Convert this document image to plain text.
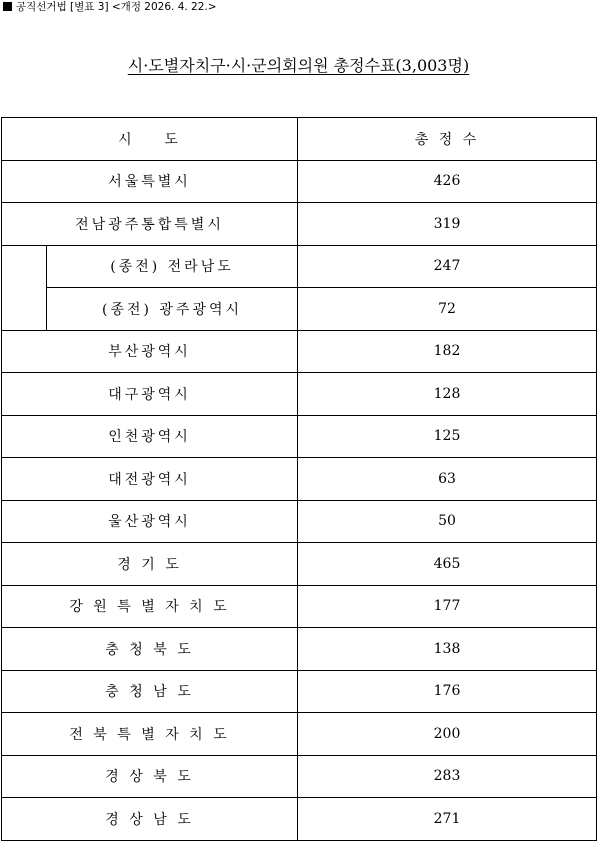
공직선거법 [별표 3] <개정 2026. 4. 22.>
시·도별자치구·시·군의회의원 총정수표(3,003명)
시    도		총 정 수
서울특별시		426
전남광주통합특별시		319
	(종전) 전라남도	247
	(종전) 광주광역시	72
부산광역시		182
대구광역시		128
인천광역시		125
대전광역시		63
울산광역시		50
경 기 도		465
강 원 특 별 자 치 도		177
충 청 북 도		138
충 청 남 도		176
전 북 특 별 자 치 도		200
경 상 북 도		283
경 상 남 도		271
